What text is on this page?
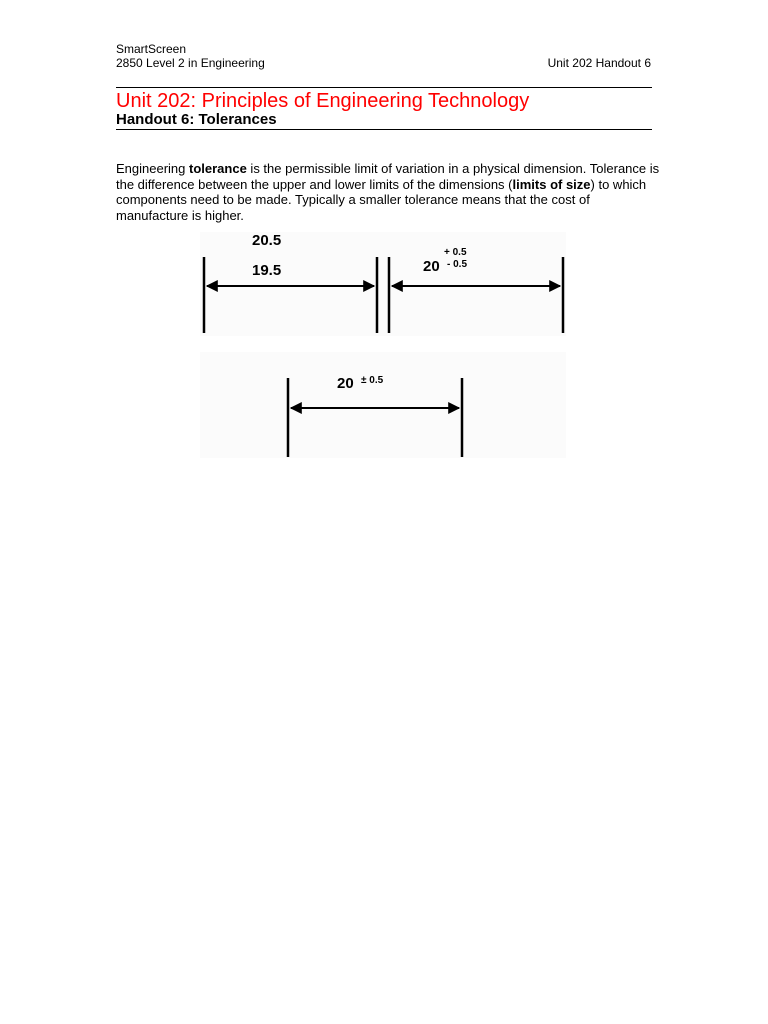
SmartScreen
2850 Level 2 in Engineering	Unit 202 Handout 6
Unit 202: Principles of Engineering Technology
Handout 6: Tolerances
Engineering tolerance is the permissible limit of variation in a physical dimension. Tolerance is the difference between the upper and lower limits of the dimensions (limits of size) to which components need to be made. Typically a smaller tolerance means that the cost of manufacture is higher.
20.5
19.5	20
+ 0.5
- 0.5
20 ± 0.5
